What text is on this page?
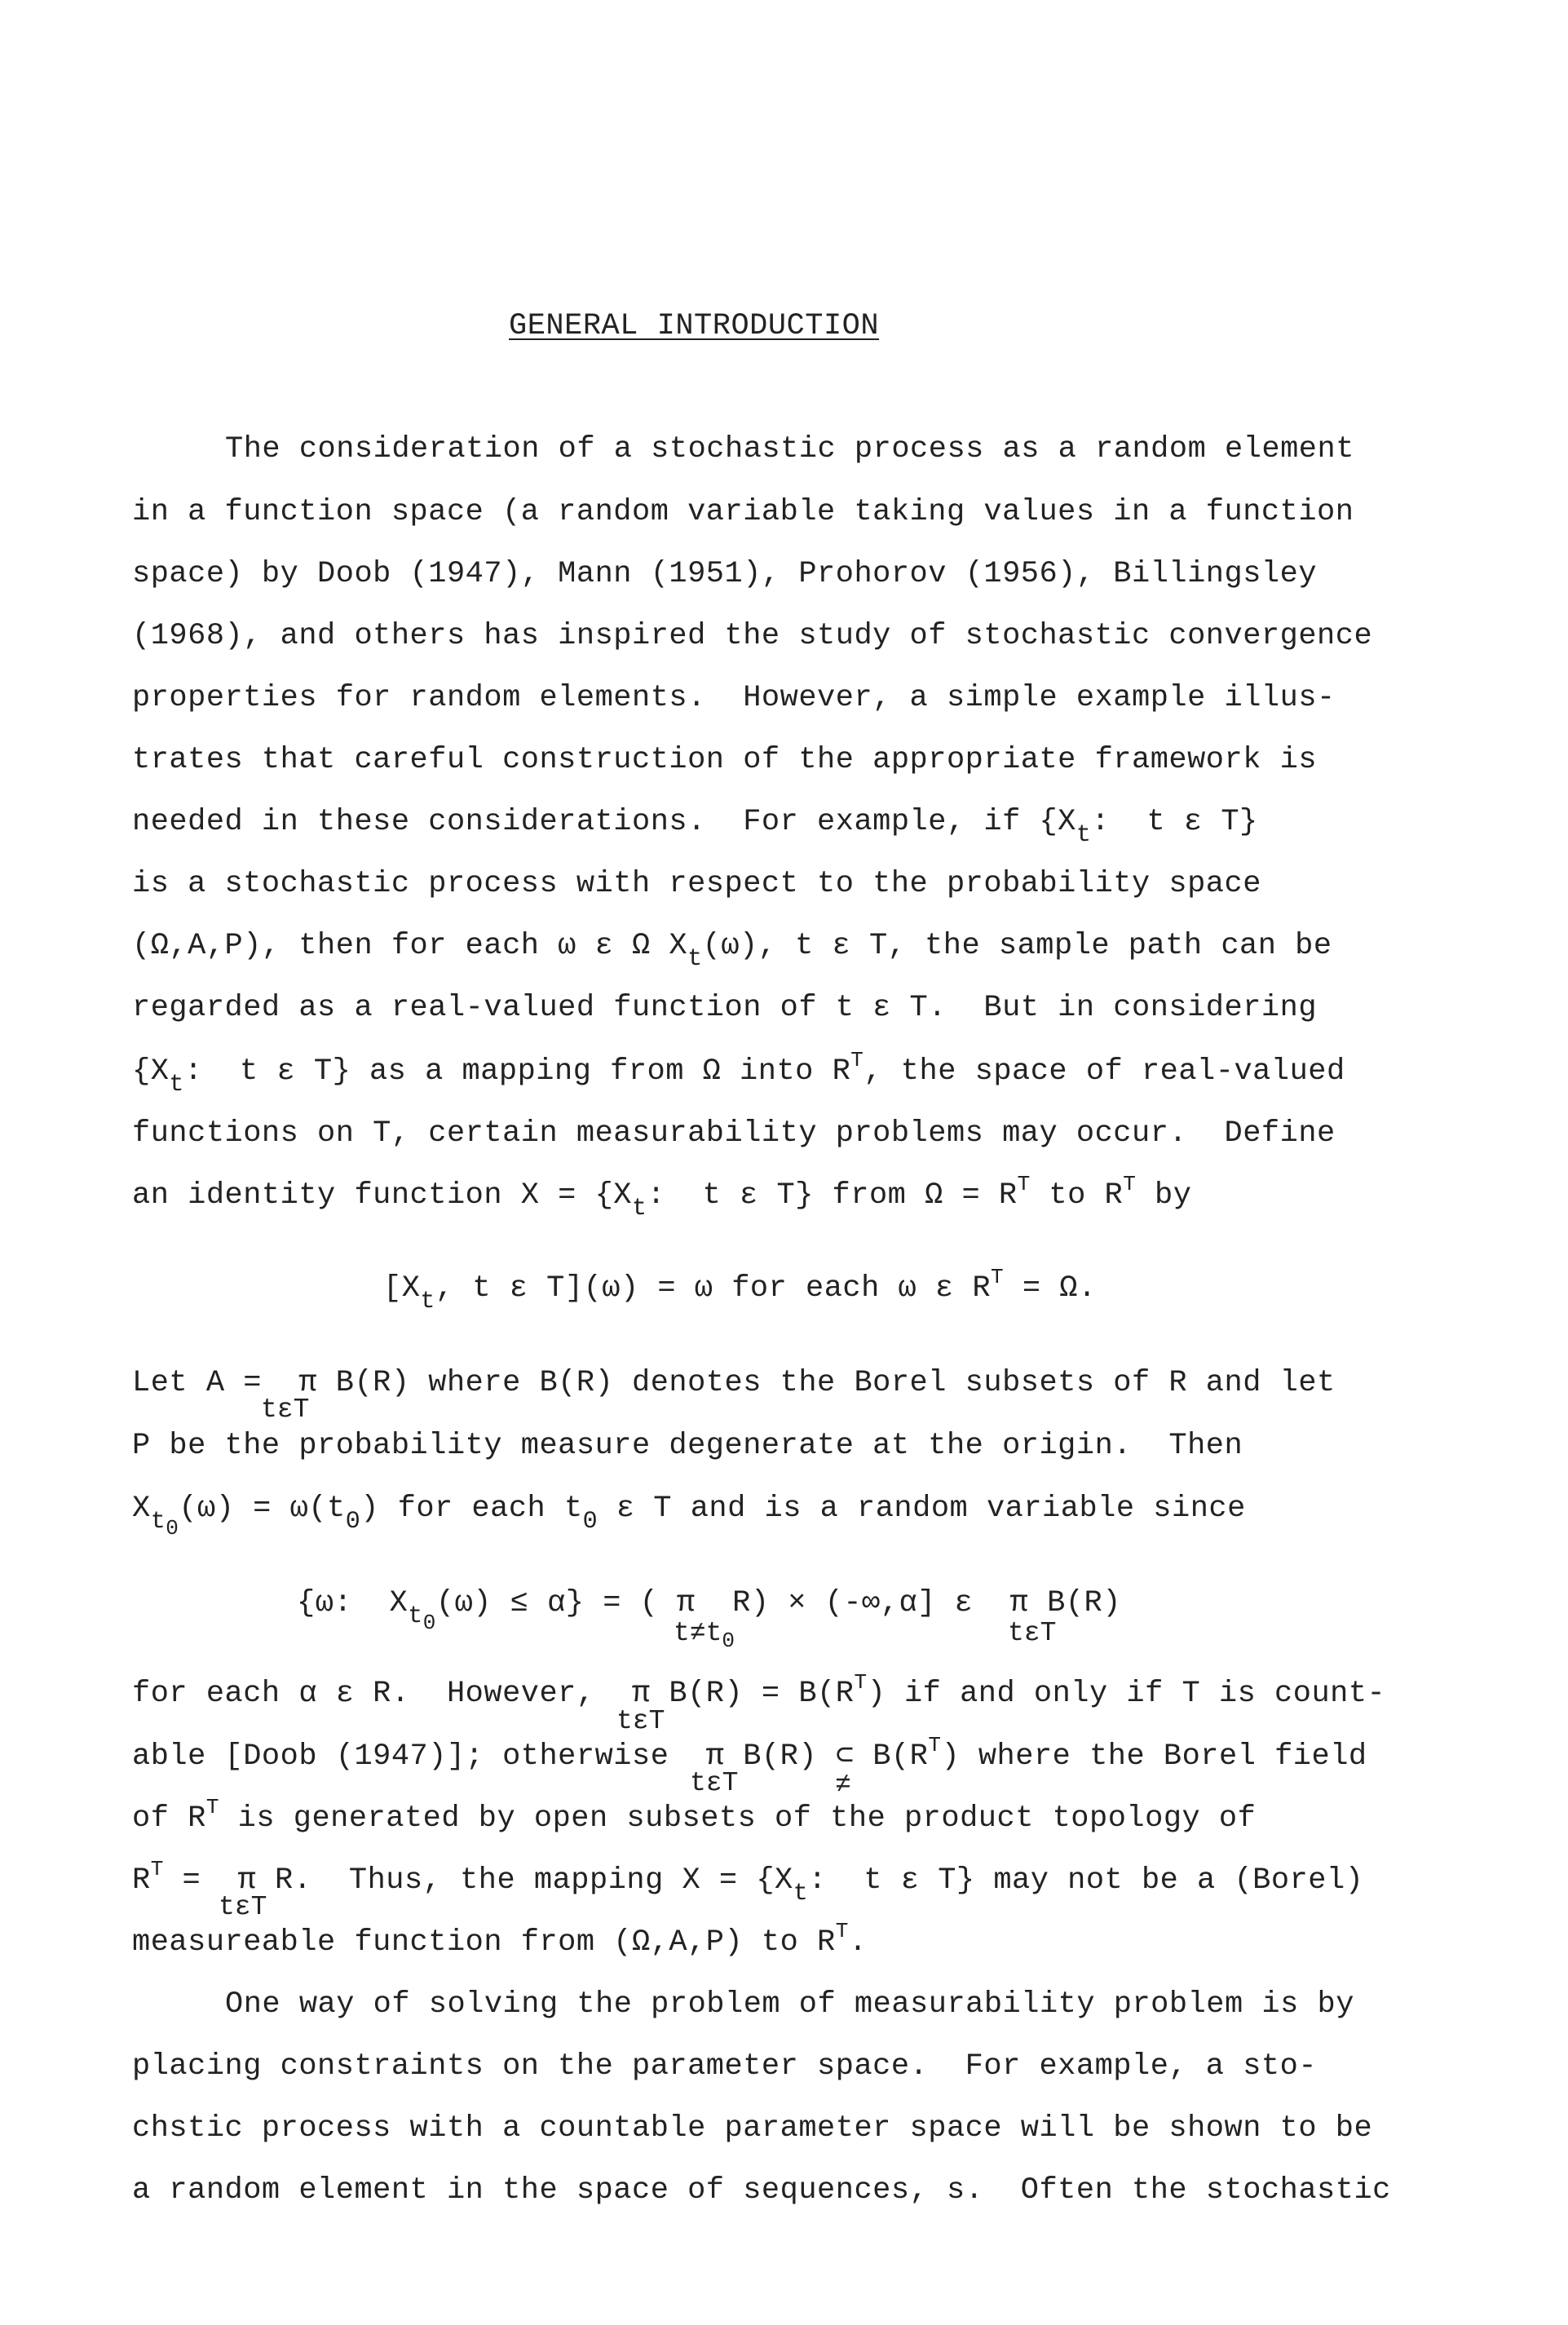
GENERAL INTRODUCTION
The consideration of a stochastic process as a random element
in a function space (a random variable taking values in a function
space) by Doob (1947), Mann (1951), Prohorov (1956), Billingsley
(1968), and others has inspired the study of stochastic convergence
properties for random elements.  However, a simple example illus-
trates that careful construction of the appropriate framework is
needed in these considerations.  For example, if {$X_t$:  t ε T}
is a stochastic process with respect to the probability space
(Ω,A,P), then for each ω ε Ω $X_t(\omega)$, t ε T, the sample path can be
regarded as a real-valued function of t ε T.  But in considering
{$X_t$:  t ε T} as a mapping from Ω into $R^T$, the space of real-valued
functions on T, certain measurability problems may occur.  Define
an identity function $X = \{X_t$:  t ε T} from $\Omega = R^T$ to $R^T$ by
[$X_t$, t ε T](ω) = ω for each ω ε $R^T = \Omega$.
Let A =  π B(R) where B(R) denotes the Borel subsets of R and let
tεT
P be the probability measure degenerate at the origin.  Then
$X_{t0}(\omega) = \omega(t_0)$ for each $t_0$ ε T and is a random variable since
{ω:  $X_{t0}(\omega) \le \alpha$} = ( π  R) × (-∞,α] ε  π B(R)
$t\ne t_0$	tεT
for each α ε R.  However,  π $B(R) = B(R^T)$ if and only if T is count-
tεT
able [Doob (1947)]; otherwise  π B(R) ⊂ $B(R^T)$ where the Borel field
tεT	≠
of $R^T$ is generated by open subsets of the product topology of
$R^T = \pi$ R.  Thus, the mapping $X = \{X_t$:  t ε T} may not be a (Borel)
tεT
measureable function from (Ω,A,P) to $R^T$.
One way of solving the problem of measurability problem is by
placing constraints on the parameter space.  For example, a sto-
chstic process with a countable parameter space will be shown to be
a random element in the space of sequences, s.  Often the stochastic
